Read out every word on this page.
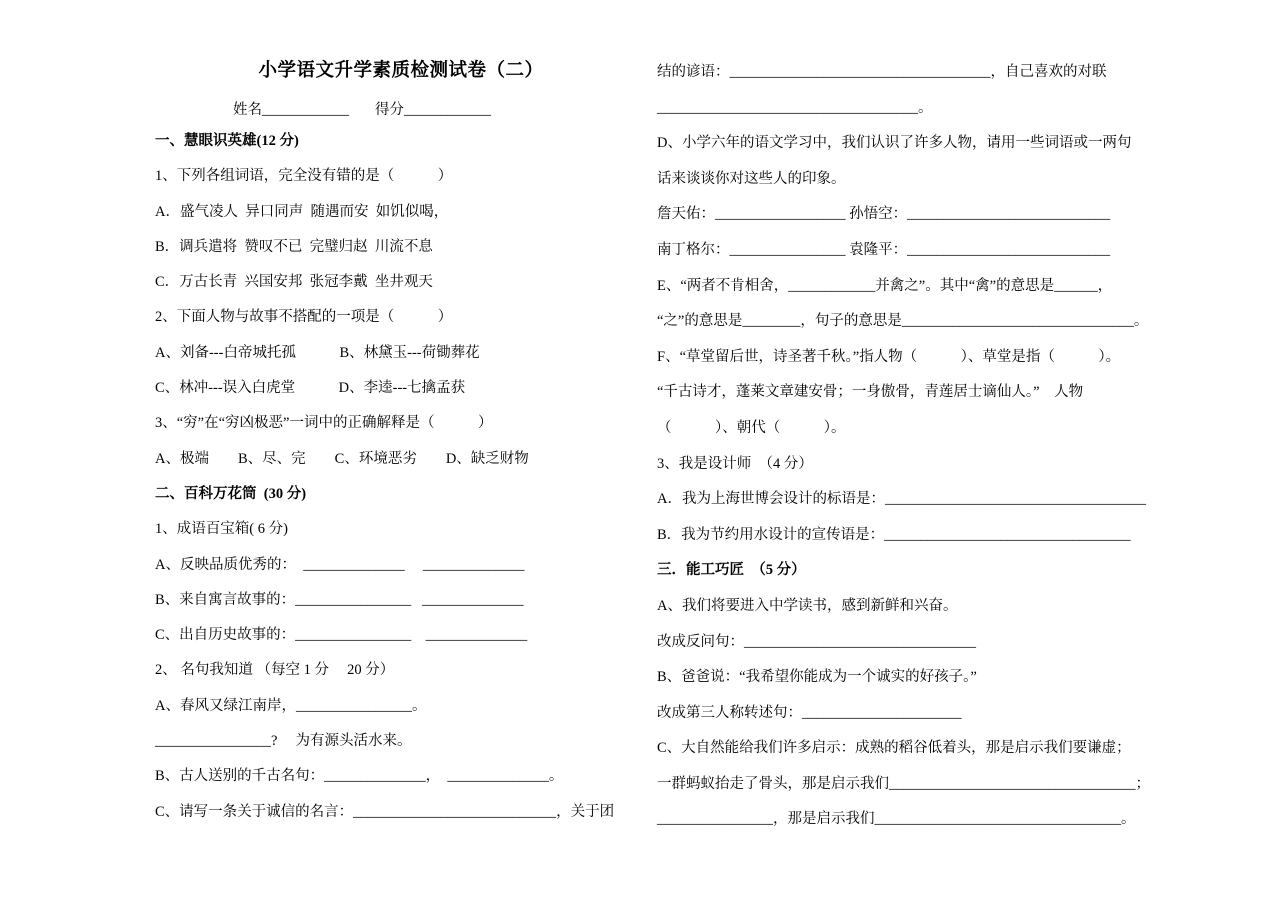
小学语文升学素质检测试卷（二）
姓名____________ 得分____________
一、慧眼识英雄(12 分)
1、下列各组词语，完全没有错的是（　　　）
A．盛气凌人  异口同声  随遇而安  如饥似喝，
B．调兵遣将  赞叹不已  完璧归赵  川流不息
C．万古长青  兴国安邦  张冠李戴  坐井观天
2、下面人物与故事不搭配的一项是（　　　）
A、刘备---白帝城托孤　　　B、林黛玉---荷锄葬花
C、林冲---误入白虎堂　　　D、李逵---七擒孟获
3、“穷”在“穷凶极恶”一词中的正确解释是（　　　）
A、极端　　B、尽、完　　C、环境恶劣　　D、缺乏财物
二、百科万花筒  (30 分)
1、成语百宝箱( 6 分)
A、反映品质优秀的：  ______________     ______________
B、来自寓言故事的：________________   ______________
C、出自历史故事的：________________    ______________
2、 名句我知道 （每空 1 分　 20 分）
A、春风又绿江南岸，________________。
________________?　 为有源头活水来。
B、古人送别的千古名句：______________，  ______________。
C、请写一条关于诚信的名言：____________________________，关于团
结的谚语：____________________________________，自己喜欢的对联
____________________________________。
D、小学六年的语文学习中，我们认识了许多人物，请用一些词语或一两句
话来谈谈你对这些人的印象。
詹天佑：__________________ 孙悟空：____________________________
南丁格尔：________________ 袁隆平：____________________________
E、“两者不肯相舍，____________并禽之”。其中“禽”的意思是______，
“之”的意思是________，句子的意思是________________________________。
F、“草堂留后世，诗圣著千秋。”指人物（　　　）、草堂是指（　　　）。
“千古诗才，蓬莱文章建安骨；一身傲骨，青莲居士谪仙人。”　人物
（　　　）、朝代（　　　）。
3、我是设计师　（4 分）
A．我为上海世博会设计的标语是：____________________________________
B．我为节约用水设计的宣传语是：__________________________________
三．能工巧匠　（5 分）
A、我们将要进入中学读书，感到新鲜和兴奋。
改成反问句：________________________________
B、爸爸说：“我希望你能成为一个诚实的好孩子。”
改成第三人称转述句：______________________
C、大自然能给我们许多启示：成熟的稻谷低着头，那是启示我们要谦虚；
一群蚂蚁抬走了骨头，那是启示我们__________________________________；
________________，那是启示我们__________________________________。
